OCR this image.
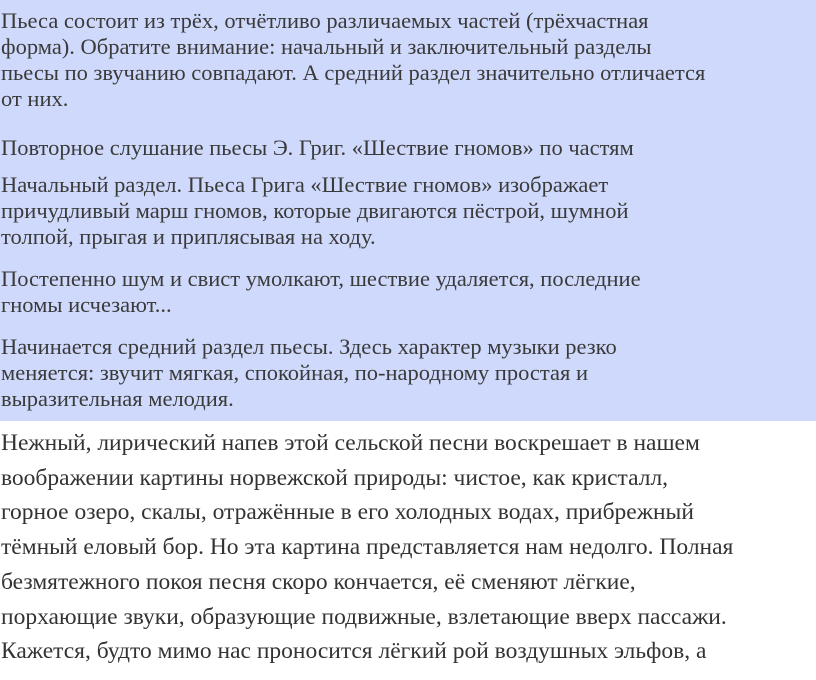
Пьеса состоит из трёх, отчётливо различаемых частей (трёхчастная
форма). Обратите внимание: начальный и заключительный разделы
пьесы по звучанию совпадают. А средний раздел значительно отличается
от них.

Повторное слушание пьесы Э. Григ. «Шествие гномов» по частям

Начальный раздел. Пьеса Грига «Шествие гномов» изображает
причудливый марш гномов, которые двигаются пёстрой, шумной
толпой, прыгая и приплясывая на ходу.

Постепенно шум и свист умолкают, шествие удаляется, последние
гномы исчезают...

Начинается средний раздел пьесы. Здесь характер музыки резко
меняется: звучит мягкая, спокойная, по-народному простая и
выразительная мелодия.

Нежный, лирический напев этой сельской песни воскрешает в нашем
воображении картины норвежской природы: чистое, как кристалл,
горное озеро, скалы, отражённые в его холодных водах, прибрежный
тёмный еловый бор. Но эта картина представляется нам недолго. Полная
безмятежного покоя песня скоро кончается, её сменяют лёгкие,
порхающие звуки, образующие подвижные, взлетающие вверх пассажи.
Кажется, будто мимо нас проносится лёгкий рой воздушных эльфов, а
